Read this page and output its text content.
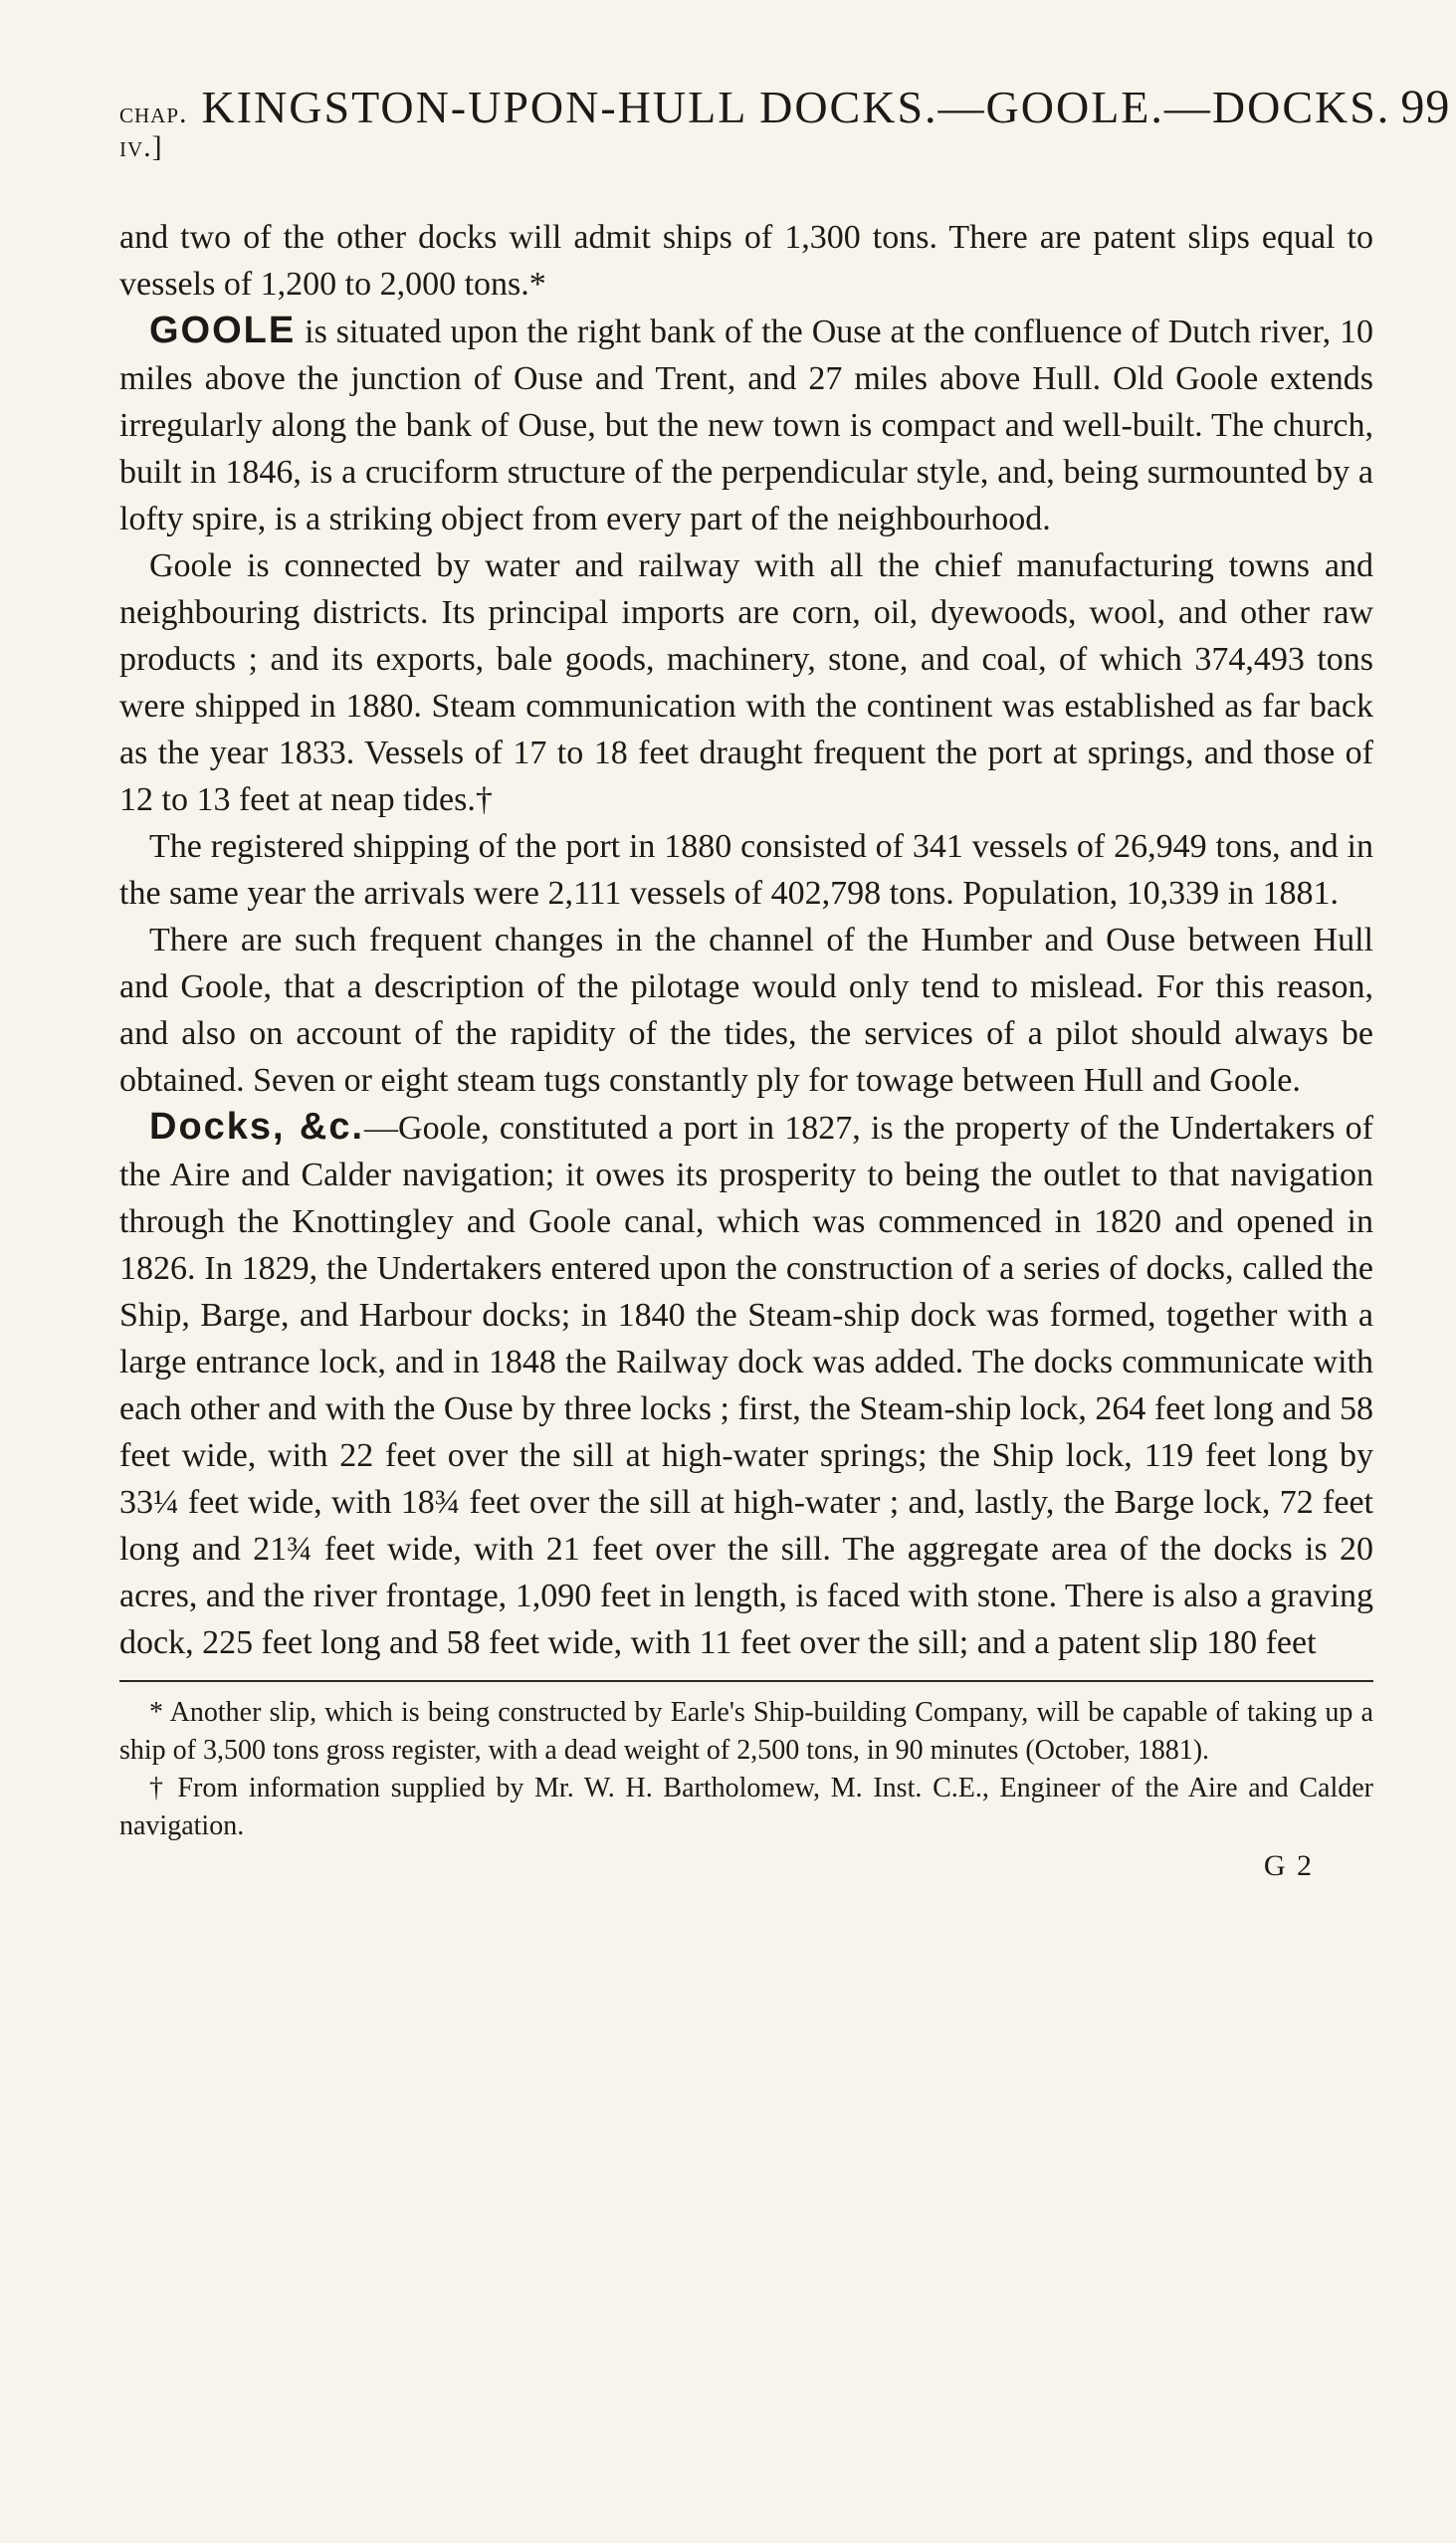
chap. iv.]
KINGSTON-UPON-HULL DOCKS.—GOOLE.—DOCKS. 99

and two of the other docks will admit ships of 1,300 tons. There are patent slips equal to vessels of 1,200 to 2,000 tons.*

GOOLE is situated upon the right bank of the Ouse at the confluence of Dutch river, 10 miles above the junction of Ouse and Trent, and 27 miles above Hull. Old Goole extends irregularly along the bank of Ouse, but the new town is compact and well-built. The church, built in 1846, is a cruciform structure of the perpendicular style, and, being surmounted by a lofty spire, is a striking object from every part of the neighbourhood.

Goole is connected by water and railway with all the chief manufacturing towns and neighbouring districts. Its principal imports are corn, oil, dyewoods, wool, and other raw products ; and its exports, bale goods, machinery, stone, and coal, of which 374,493 tons were shipped in 1880. Steam communication with the continent was established as far back as the year 1833. Vessels of 17 to 18 feet draught frequent the port at springs, and those of 12 to 13 feet at neap tides.†

The registered shipping of the port in 1880 consisted of 341 vessels of 26,949 tons, and in the same year the arrivals were 2,111 vessels of 402,798 tons. Population, 10,339 in 1881.

There are such frequent changes in the channel of the Humber and Ouse between Hull and Goole, that a description of the pilotage would only tend to mislead. For this reason, and also on account of the rapidity of the tides, the services of a pilot should always be obtained. Seven or eight steam tugs constantly ply for towage between Hull and Goole.

Docks, &c.—Goole, constituted a port in 1827, is the property of the Undertakers of the Aire and Calder navigation; it owes its prosperity to being the outlet to that navigation through the Knottingley and Goole canal, which was commenced in 1820 and opened in 1826. In 1829, the Undertakers entered upon the construction of a series of docks, called the Ship, Barge, and Harbour docks; in 1840 the Steam-ship dock was formed, together with a large entrance lock, and in 1848 the Railway dock was added. The docks communicate with each other and with the Ouse by three locks ; first, the Steam-ship lock, 264 feet long and 58 feet wide, with 22 feet over the sill at high-water springs; the Ship lock, 119 feet long by 33¼ feet wide, with 18¾ feet over the sill at high-water ; and, lastly, the Barge lock, 72 feet long and 21¾ feet wide, with 21 feet over the sill. The aggregate area of the docks is 20 acres, and the river frontage, 1,090 feet in length, is faced with stone. There is also a graving dock, 225 feet long and 58 feet wide, with 11 feet over the sill; and a patent slip 180 feet

* Another slip, which is being constructed by Earle's Ship-building Company, will be capable of taking up a ship of 3,500 tons gross register, with a dead weight of 2,500 tons, in 90 minutes (October, 1881).

† From information supplied by Mr. W. H. Bartholomew, M. Inst. C.E., Engineer of the Aire and Calder navigation.

G 2
